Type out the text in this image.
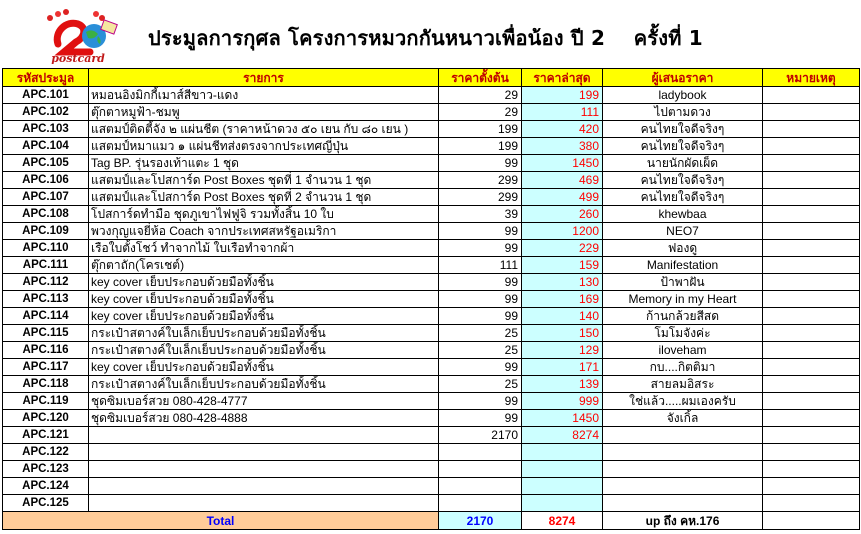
postcard
ประมูลการกุศล โครงการหมวกกันหนาวเพื่อน้อง ปี 2    ครั้งที่ 1
รหัสประมูล	รายการ	ราคาตั้งต้น	ราคาล่าสุด	ผู้เสนอราคา	หมายเหตุ
APC.101	หมอนอิงมิกกี้เมาส์สีขาว-แดง	29	199	ladybook	
APC.102	ตุ๊กตาหมูฟ้า-ชมพู	29	111	ไปตามดวง	
APC.103	แสตมป์ติดตี้จัง ๒ แผ่นชีต (ราคาหน้าดวง ๕๐ เยน กับ ๘๐ เยน )	199	420	คนไทยใจดีจริงๆ	
APC.104	แสตมป์หมาแมว ๑ แผ่นชีทส่งตรงจากประเทศญี่ปุ่น	199	380	คนไทยใจดีจริงๆ	
APC.105	Tag BP. รุ่นรองเท้าแตะ 1 ชุด	99	1450	นายนักผัดเผ็ด	
APC.106	แสตมป์และโปสการ์ด Post Boxes ชุดที่ 1 จำนวน 1 ชุด	299	469	คนไทยใจดีจริงๆ	
APC.107	แสตมป์และโปสการ์ด Post Boxes ชุดที่ 2 จำนวน 1 ชุด	299	499	คนไทยใจดีจริงๆ	
APC.108	โปสการ์ดทำมือ ชุดภูเขาไฟฟูจิ รวมทั้งสิ้น 10 ใบ	39	260	khewbaa	
APC.109	พวงกุญแจยี่ห้อ Coach จากประเทศสหรัฐอเมริกา	99	1200	NEO7	
APC.110	เรือใบตั้งโชว์ ทำจากไม้ ใบเรือทำจากผ้า	99	229	ฟองดู	
APC.111	ตุ๊กตาถัก(โครเชต์)	111	159	Manifestation	
APC.112	key cover เย็บประกอบด้วยมือทั้งชิ้น	99	130	ป้าพาฝัน	
APC.113	key cover เย็บประกอบด้วยมือทั้งชิ้น	99	169	Memory in my Heart	
APC.114	key cover เย็บประกอบด้วยมือทั้งชิ้น	99	140	ก้านกล้วยสีสด	
APC.115	กระเป๋าสตางค์ใบเล็กเย็บประกอบด้วยมือทั้งชิ้น	25	150	โมโมจังค่ะ	
APC.116	กระเป๋าสตางค์ใบเล็กเย็บประกอบด้วยมือทั้งชิ้น	25	129	iloveham	
APC.117	key cover เย็บประกอบด้วยมือทั้งชิ้น	99	171	กบ....กิตติมา	
APC.118	กระเป๋าสตางค์ใบเล็กเย็บประกอบด้วยมือทั้งชิ้น	25	139	สายลมอิสระ	
APC.119	ชุดซิมเบอร์สวย 080-428-4777	99	999	ใช่แล้ว.....ผมเองครับ	
APC.120	ชุดซิมเบอร์สวย 080-428-4888	99	1450	จังเกิ้ล	
APC.121		2170	8274		
APC.122					
APC.123					
APC.124					
APC.125					
Total		2170	8274	up ถึง คห.176	
